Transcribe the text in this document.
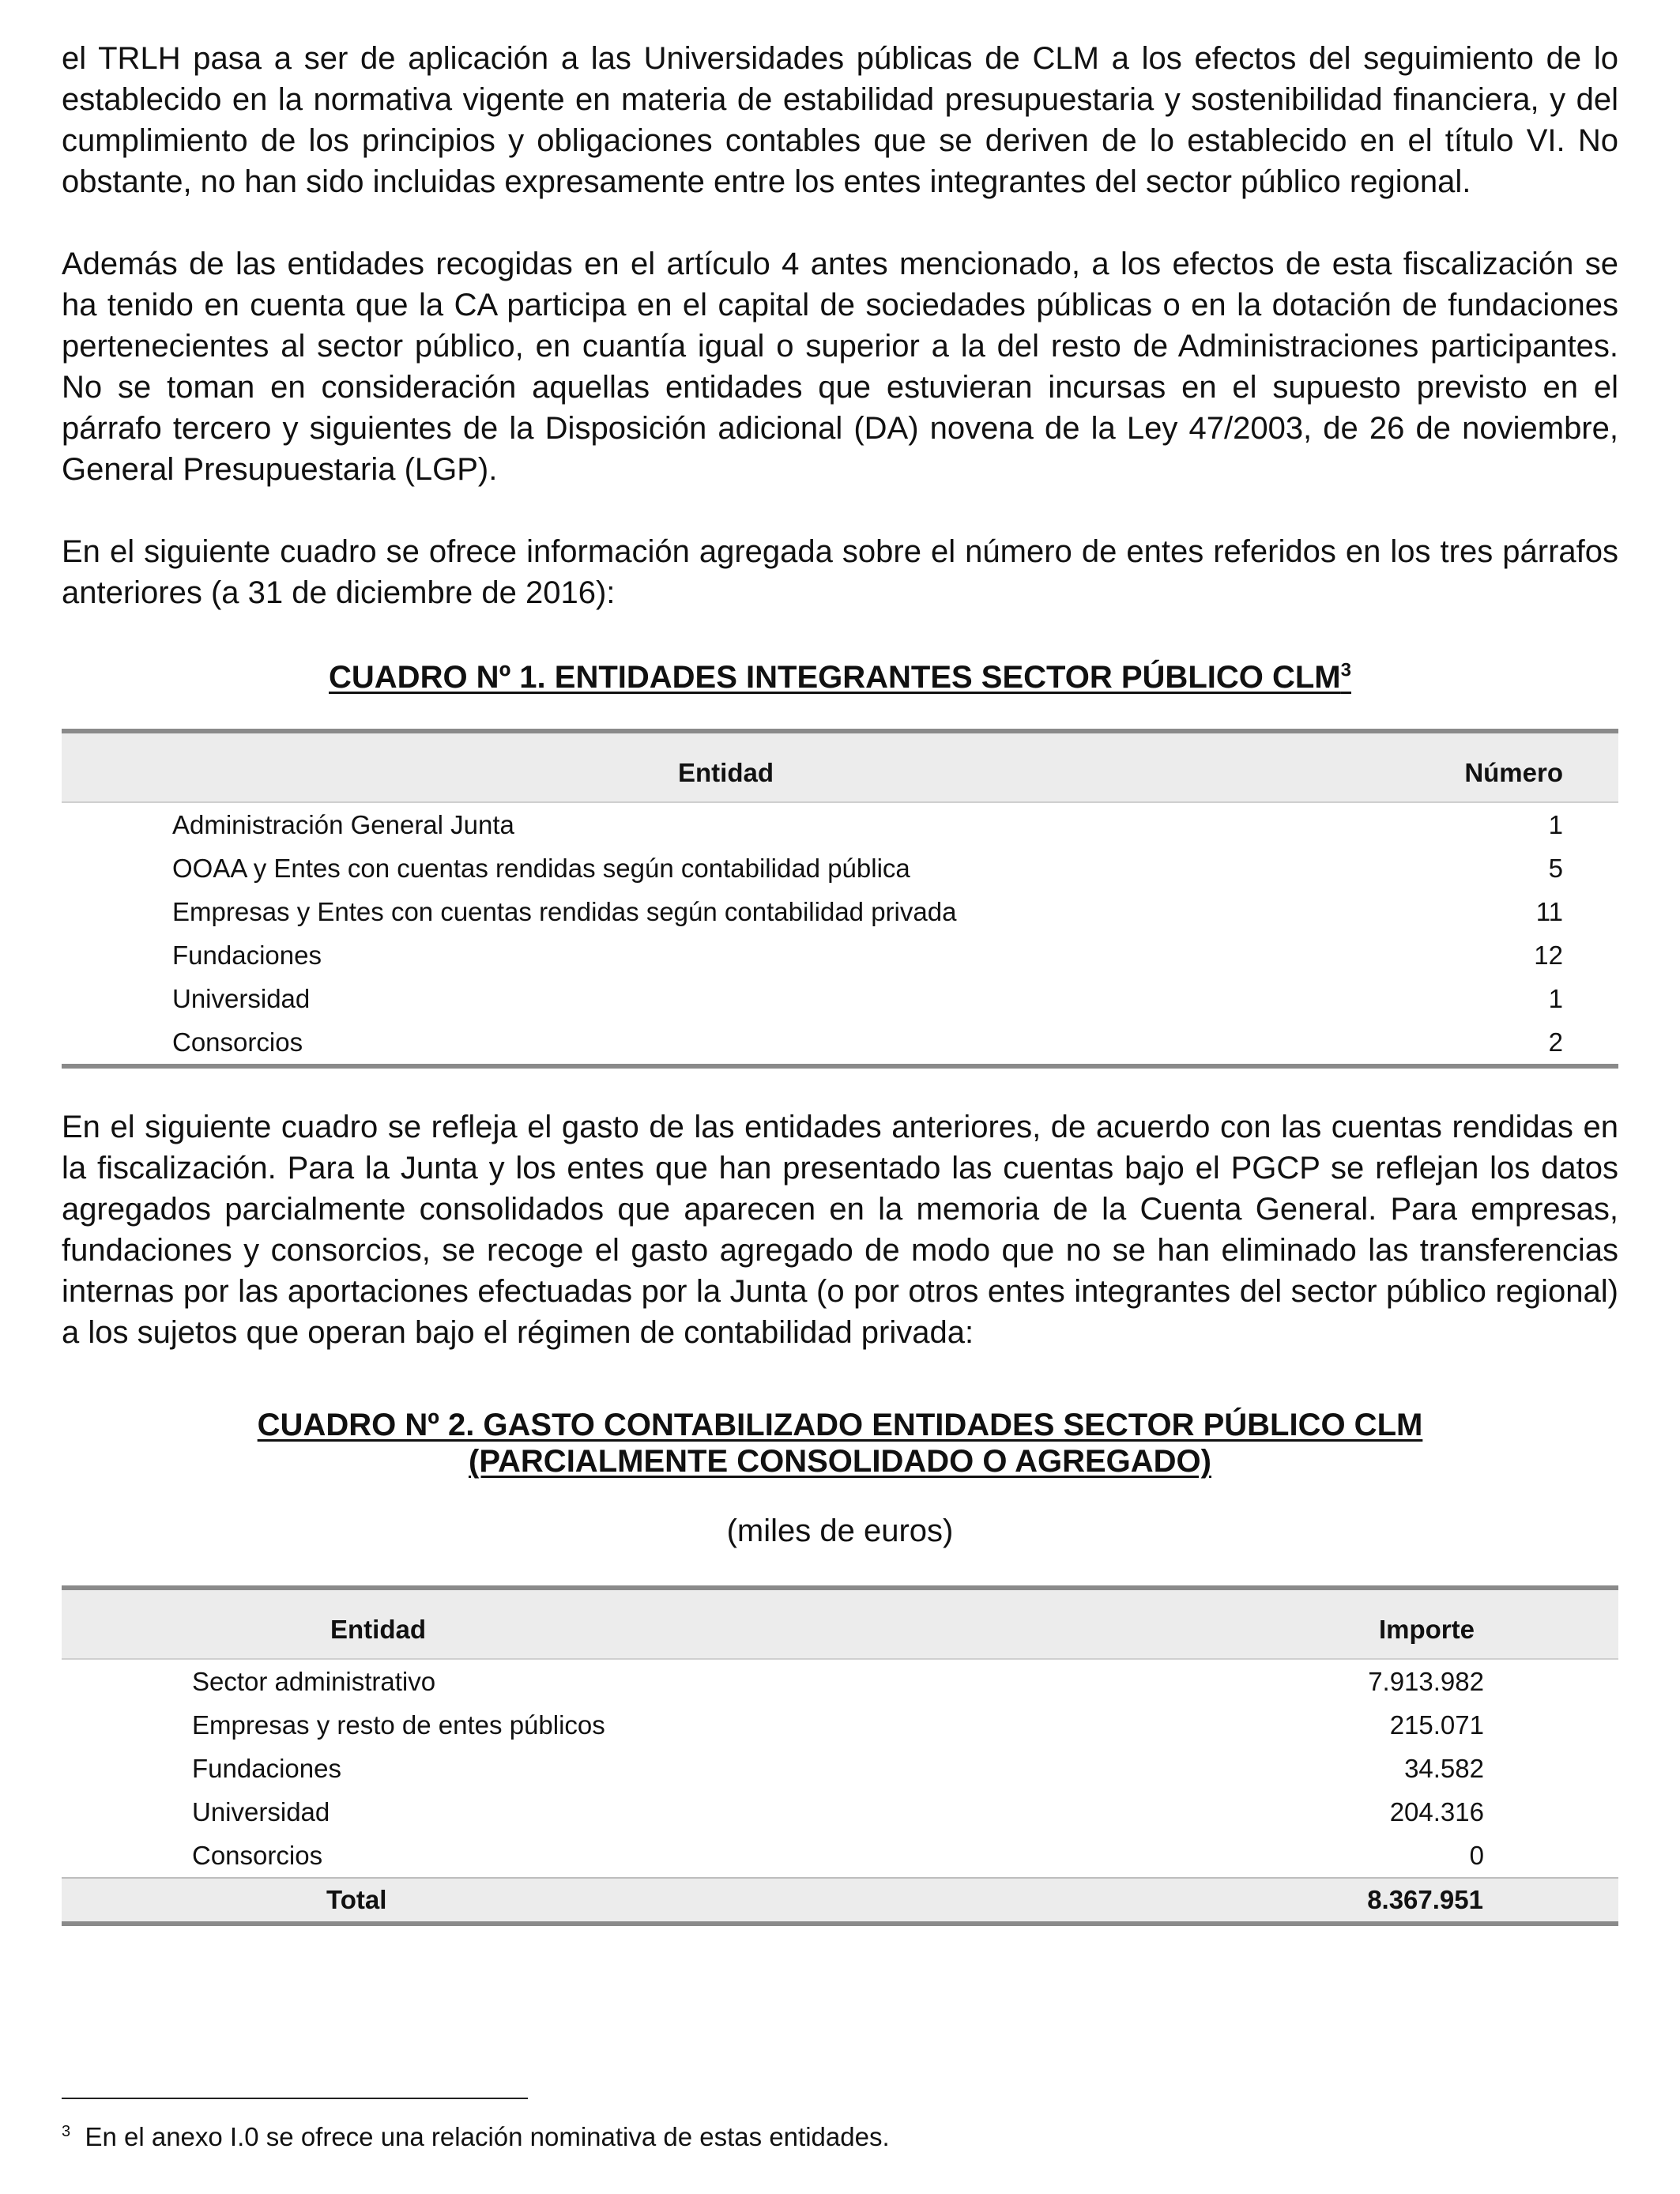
el TRLH pasa a ser de aplicación a las Universidades públicas de CLM a los efectos del seguimiento de lo establecido en la normativa vigente en materia de estabilidad presupuestaria y sostenibilidad financiera, y del cumplimiento de los principios y obligaciones contables que se deriven de lo establecido en el título VI. No obstante, no han sido incluidas expresamente entre los entes integrantes del sector público regional.

Además de las entidades recogidas en el artículo 4 antes mencionado, a los efectos de esta fiscalización se ha tenido en cuenta que la CA participa en el capital de sociedades públicas o en la dotación de fundaciones pertenecientes al sector público, en cuantía igual o superior a la del resto de Administraciones participantes. No se toman en consideración aquellas entidades que estuvieran incursas en el supuesto previsto en el párrafo tercero y siguientes de la Disposición adicional (DA) novena de la Ley 47/2003, de 26 de noviembre, General Presupuestaria (LGP).

En el siguiente cuadro se ofrece información agregada sobre el número de entes referidos en los tres párrafos anteriores (a 31 de diciembre de 2016):

CUADRO Nº 1. ENTIDADES INTEGRANTES SECTOR PÚBLICO CLM$^3$
	Entidad	Número	
	Administración General Junta	1	
	OOAA y Entes con cuentas rendidas según contabilidad pública	5	
	Empresas y Entes con cuentas rendidas según contabilidad privada	11	
	Fundaciones	12	
	Universidad	1	
	Consorcios	2	

En el siguiente cuadro se refleja el gasto de las entidades anteriores, de acuerdo con las cuentas rendidas en la fiscalización. Para la Junta y los entes que han presentado las cuentas bajo el PGCP se reflejan los datos agregados parcialmente consolidados que aparecen en la memoria de la Cuenta General. Para empresas, fundaciones y consorcios, se recoge el gasto agregado de modo que no se han eliminado las transferencias internas por las aportaciones efectuadas por la Junta (o por otros entes integrantes del sector público regional) a los sujetos que operan bajo el régimen de contabilidad privada:

CUADRO Nº 2. GASTO CONTABILIZADO ENTIDADES SECTOR PÚBLICO CLM
(PARCIALMENTE CONSOLIDADO O AGREGADO)
(miles de euros)
	Entidad	Importe	
	Sector administrativo	7.913.982	
	Empresas y resto de entes públicos	215.071	
	Fundaciones	34.582	
	Universidad	204.316	
	Consorcios	0	
	Total	8.367.951	
$^3$ En el anexo I.0 se ofrece una relación nominativa de estas entidades.
